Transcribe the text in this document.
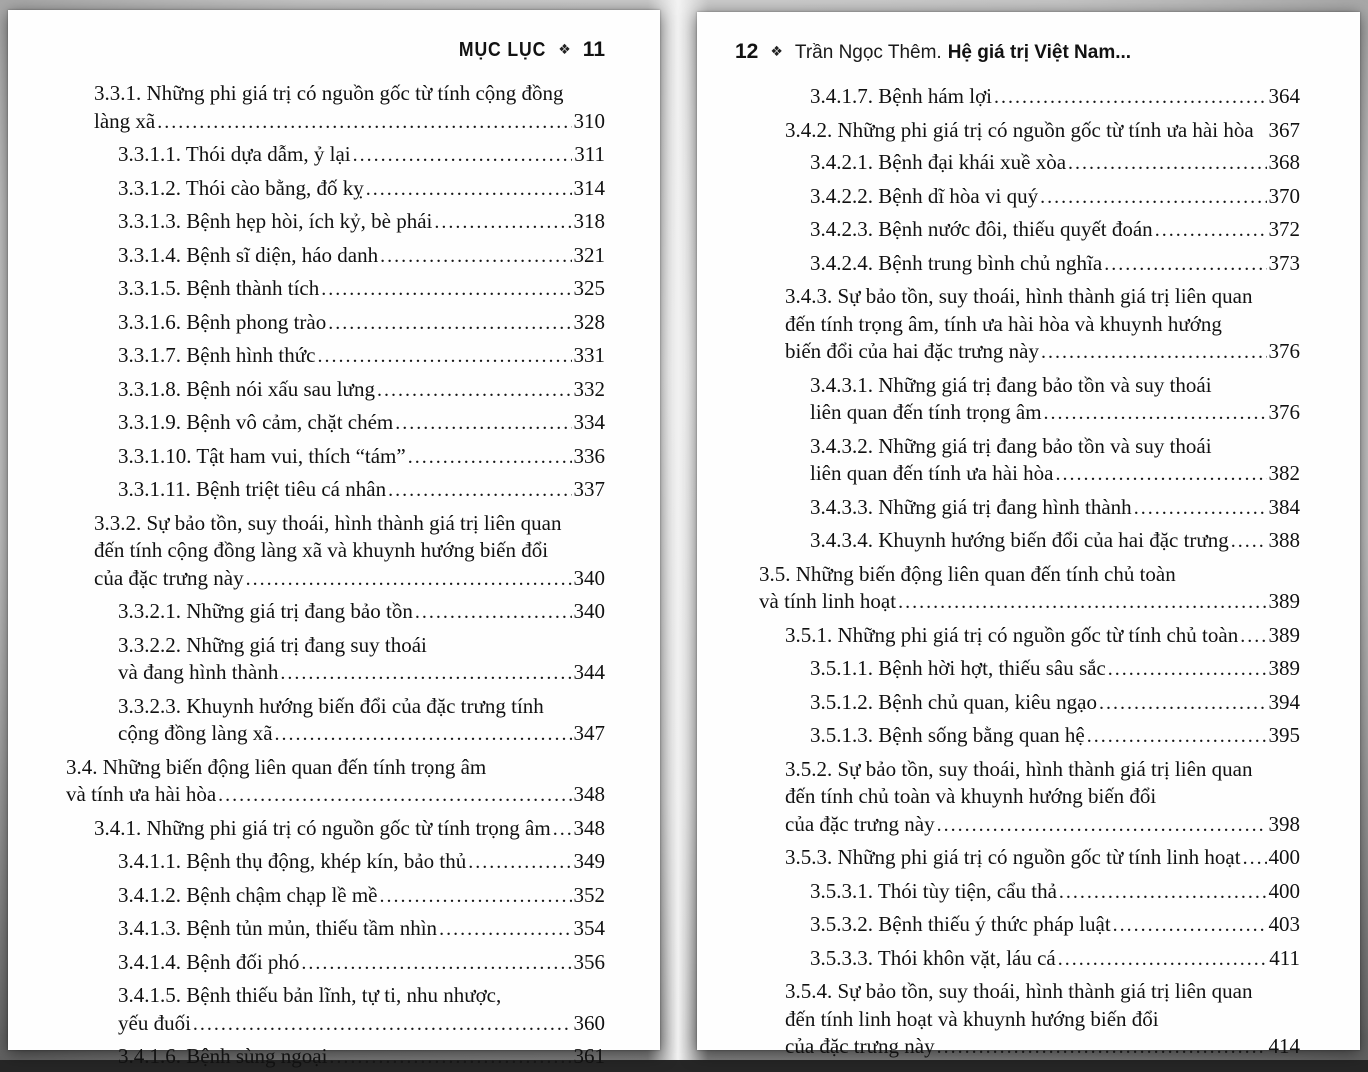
MỤC LỤC ❖ 11
3.3.1. Những phi giá trị có nguồn gốc từ tính cộng đồng
làng xã .....	310
3.3.1.1. Thói dựa dẫm, ỷ lại .....	311
3.3.1.2. Thói cào bằng, đố kỵ .....	314
3.3.1.3. Bệnh hẹp hòi, ích kỷ, bè phái .....	318
3.3.1.4. Bệnh sĩ diện, háo danh .....	321
3.3.1.5. Bệnh thành tích .....	325
3.3.1.6. Bệnh phong trào .....	328
3.3.1.7. Bệnh hình thức .....	331
3.3.1.8. Bệnh nói xấu sau lưng .....	332
3.3.1.9. Bệnh vô cảm, chặt chém .....	334
3.3.1.10. Tật ham vui, thích “tám” .....	336
3.3.1.11. Bệnh triệt tiêu cá nhân .....	337
3.3.2. Sự bảo tồn, suy thoái, hình thành giá trị liên quan
đến tính cộng đồng làng xã và khuynh hướng biến đổi
của đặc trưng này .....	340
3.3.2.1. Những giá trị đang bảo tồn .....	340
3.3.2.2. Những giá trị đang suy thoái
và đang hình thành .....	344
3.3.2.3. Khuynh hướng biến đổi của đặc trưng tính
cộng đồng làng xã .....	347
3.4. Những biến động liên quan đến tính trọng âm
và tính ưa hài hòa .....	348
3.4.1. Những phi giá trị có nguồn gốc từ tính trọng âm ..... 348
3.4.1.1. Bệnh thụ động, khép kín, bảo thủ .....	349
3.4.1.2. Bệnh chậm chạp lề mề .....	352
3.4.1.3. Bệnh tủn mủn, thiếu tầm nhìn .....	354
3.4.1.4. Bệnh đối phó .....	356
3.4.1.5. Bệnh thiếu bản lĩnh, tự ti, nhu nhược,
yếu đuối .....	360
3.4.1.6. Bệnh sùng ngoại .....	361
12 ❖ Trần Ngọc Thêm. Hệ giá trị Việt Nam...
3.4.1.7. Bệnh hám lợi .....	364
3.4.2. Những phi giá trị có nguồn gốc từ tính ưa hài hòa 367
3.4.2.1. Bệnh đại khái xuề xòa .....	368
3.4.2.2. Bệnh dĩ hòa vi quý .....	370
3.4.2.3. Bệnh nước đôi, thiếu quyết đoán .....	372
3.4.2.4. Bệnh trung bình chủ nghĩa .....	373
3.4.3. Sự bảo tồn, suy thoái, hình thành giá trị liên quan
đến tính trọng âm, tính ưa hài hòa và khuynh hướng
biến đổi của hai đặc trưng này .....	376
3.4.3.1. Những giá trị đang bảo tồn và suy thoái
liên quan đến tính trọng âm .....	376
3.4.3.2. Những giá trị đang bảo tồn và suy thoái
liên quan đến tính ưa hài hòa .....	382
3.4.3.3. Những giá trị đang hình thành .....	384
3.4.3.4. Khuynh hướng biến đổi của hai đặc trưng ..... 388
3.5. Những biến động liên quan đến tính chủ toàn
và tính linh hoạt .....	389
3.5.1. Những phi giá trị có nguồn gốc từ tính chủ toàn ..... 389
3.5.1.1. Bệnh hời hợt, thiếu sâu sắc .....	389
3.5.1.2. Bệnh chủ quan, kiêu ngạo .....	394
3.5.1.3. Bệnh sống bằng quan hệ .....	395
3.5.2. Sự bảo tồn, suy thoái, hình thành giá trị liên quan
đến tính chủ toàn và khuynh hướng biến đổi
của đặc trưng này .....	398
3.5.3. Những phi giá trị có nguồn gốc từ tính linh hoạt ..... 400
3.5.3.1. Thói tùy tiện, cẩu thả .....	400
3.5.3.2. Bệnh thiếu ý thức pháp luật .....	403
3.5.3.3. Thói khôn vặt, láu cá .....	411
3.5.4. Sự bảo tồn, suy thoái, hình thành giá trị liên quan
đến tính linh hoạt và khuynh hướng biến đổi
của đặc trưng này .....	414
